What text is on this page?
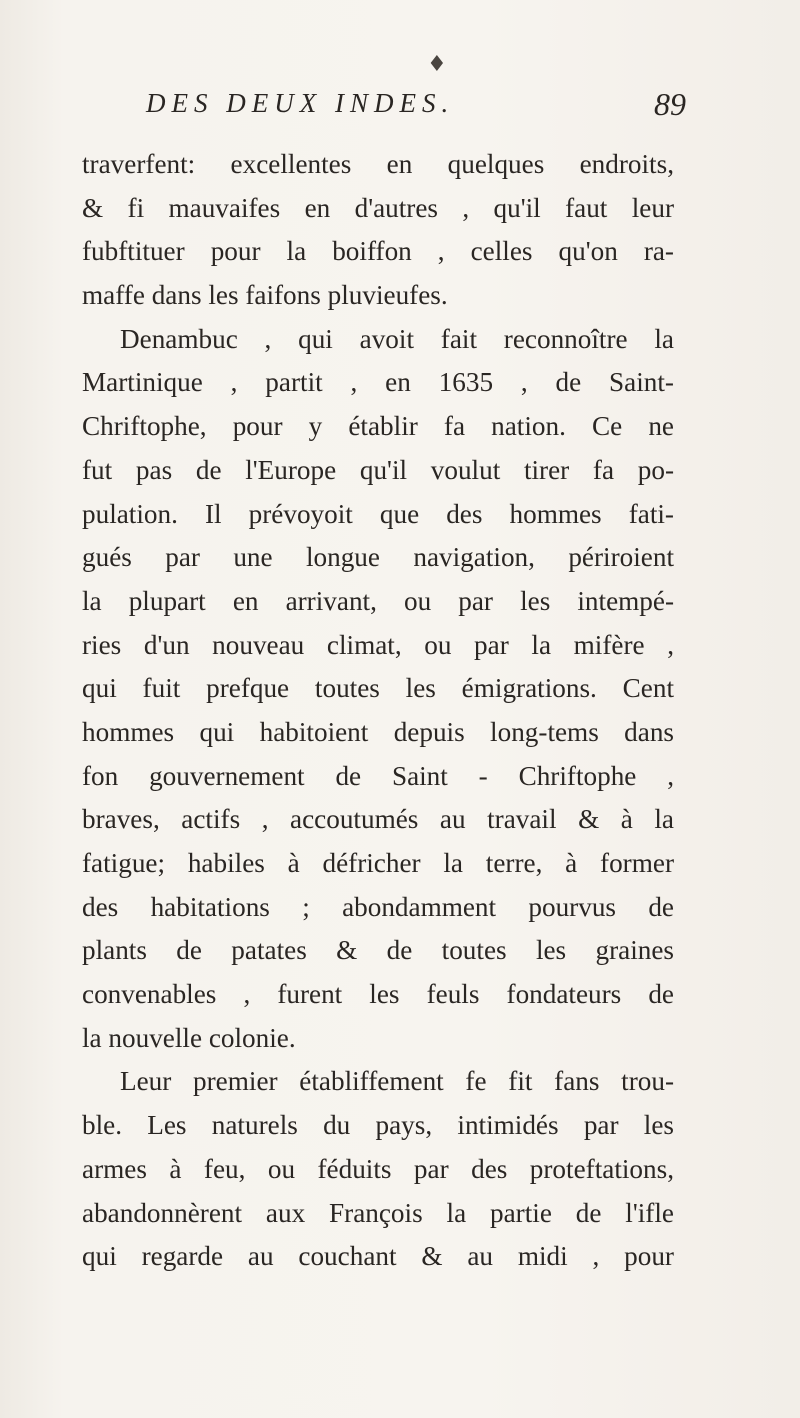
♦
DES DEUX INDES.	89
traverfent: excellentes en quelques endroits,
& fi mauvaifes en d'autres , qu'il faut leur
fubftituer pour la boiffon , celles qu'on ra-
maffe dans les faifons pluvieufes.
Denambuc , qui avoit fait reconnoître la
Martinique , partit , en 1635 , de Saint-
Chriftophe, pour y établir fa nation. Ce ne
fut pas de l'Europe qu'il voulut tirer fa po-
pulation. Il prévoyoit que des hommes fati-
gués par une longue navigation, périroient
la plupart en arrivant, ou par les intempé-
ries d'un nouveau climat, ou par la mifère ,
qui fuit prefque toutes les émigrations. Cent
hommes qui habitoient depuis long-tems dans
fon gouvernement de Saint - Chriftophe ,
braves, actifs , accoutumés au travail & à la
fatigue; habiles à défricher la terre, à former
des habitations ; abondamment pourvus de
plants de patates & de toutes les graines
convenables , furent les feuls fondateurs de
la nouvelle colonie.
Leur premier établiffement fe fit fans trou-
ble. Les naturels du pays, intimidés par les
armes à feu, ou féduits par des proteftations,
abandonnèrent aux François la partie de l'ifle
qui regarde au couchant & au midi , pour
